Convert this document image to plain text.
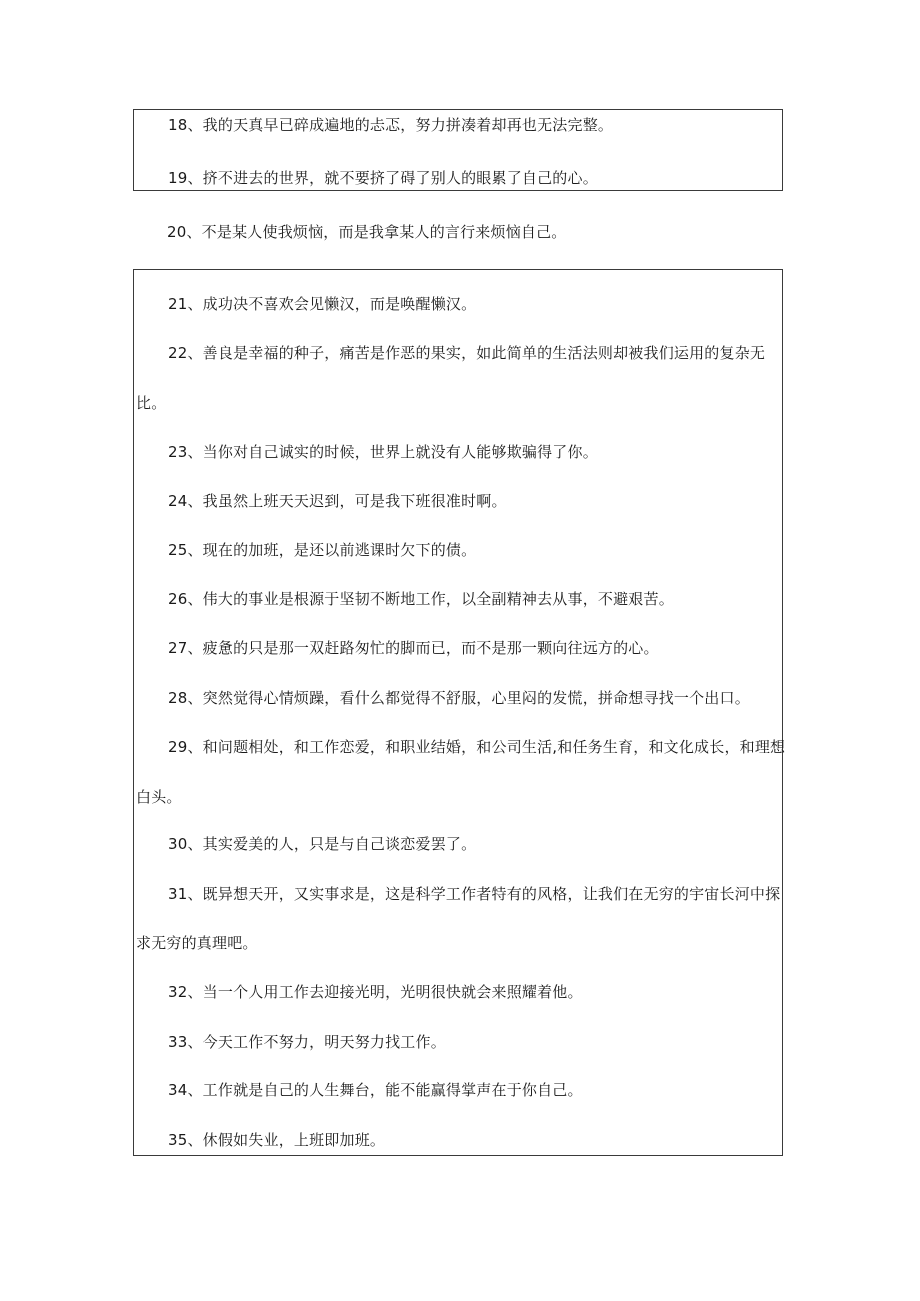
18、我的天真早已碎成遍地的忐忑，努力拼凑着却再也无法完整。
19、挤不进去的世界，就不要挤了碍了别人的眼累了自己的心。
20、不是某人使我烦恼，而是我拿某人的言行来烦恼自己。
21、成功决不喜欢会见懒汉，而是唤醒懒汉。
22、善良是幸福的种子，痛苦是作恶的果实，如此简单的生活法则却被我们运用的复杂无
比。
23、当你对自己诚实的时候，世界上就没有人能够欺骗得了你。
24、我虽然上班天天迟到，可是我下班很准时啊。
25、现在的加班，是还以前逃课时欠下的债。
26、伟大的事业是根源于坚韧不断地工作，以全副精神去从事，不避艰苦。
27、疲惫的只是那一双赶路匆忙的脚而已，而不是那一颗向往远方的心。
28、突然觉得心情烦躁，看什么都觉得不舒服，心里闷的发慌，拼命想寻找一个出口。
29、和问题相处，和工作恋爱，和职业结婚，和公司生活,和任务生育，和文化成长，和理想
白头。
30、其实爱美的人，只是与自己谈恋爱罢了。
31、既异想天开，又实事求是，这是科学工作者特有的风格，让我们在无穷的宇宙长河中探
求无穷的真理吧。
32、当一个人用工作去迎接光明，光明很快就会来照耀着他。
33、今天工作不努力，明天努力找工作。
34、工作就是自己的人生舞台，能不能赢得掌声在于你自己。
35、休假如失业，上班即加班。
